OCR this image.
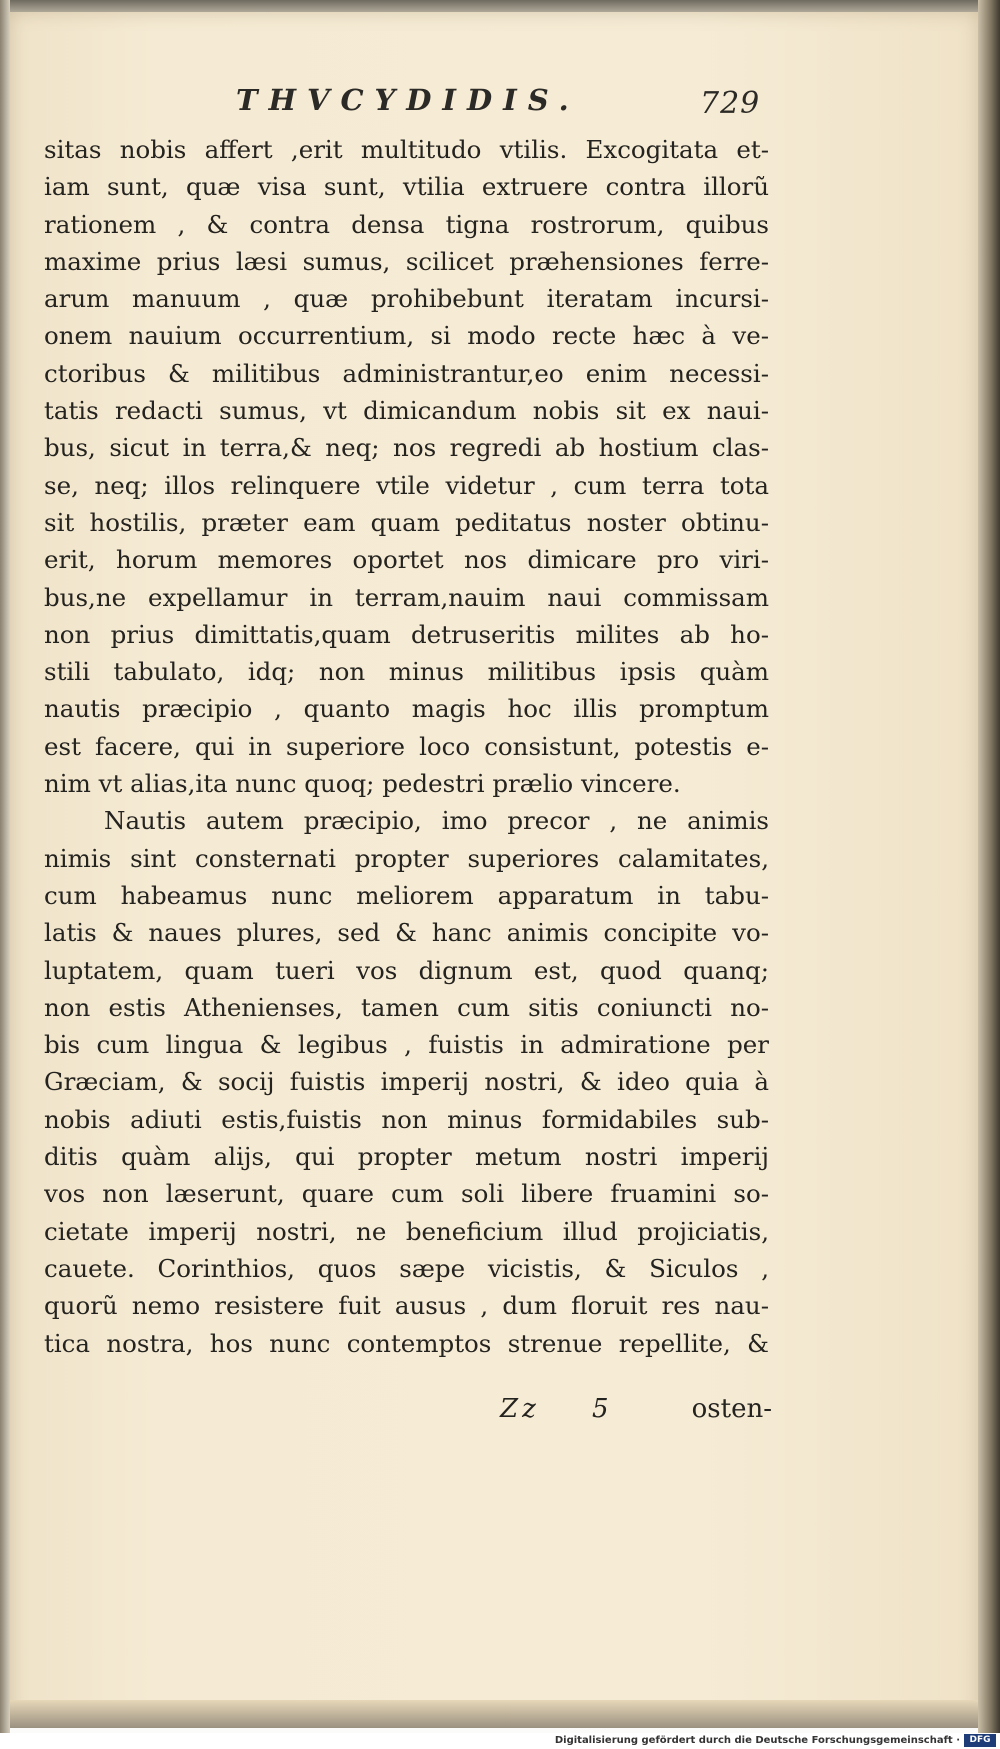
THVCYDIDIS.	729
sitas nobis affert ,erit multitudo vtilis. Excogitata et-
iam sunt, quæ visa sunt, vtilia extruere contra illorũ
rationem , & contra densa tigna rostrorum, quibus
maxime prius læsi sumus, scilicet præhensiones ferre-
arum manuum , quæ prohibebunt iteratam incursi-
onem nauium occurrentium, si modo recte hæc à ve-
ctoribus & militibus administrantur,eo enim necessi-
tatis redacti sumus, vt dimicandum nobis sit ex naui-
bus, sicut in terra,& neq; nos regredi ab hostium clas-
se, neq; illos relinquere vtile videtur , cum terra tota
sit hostilis, præter eam quam peditatus noster obtinu-
erit, horum memores oportet nos dimicare pro viri-
bus,ne expellamur in terram,nauim naui commissam
non prius dimittatis,quam detruseritis milites ab ho-
stili tabulato, idq; non minus militibus ipsis quàm
nautis præcipio , quanto magis hoc illis promptum
est facere, qui in superiore loco consistunt, potestis e-
nim vt alias,ita nunc quoq; pedestri prælio vincere.
Nautis autem præcipio, imo precor , ne animis
nimis sint consternati propter superiores calamitates,
cum habeamus nunc meliorem apparatum in tabu-
latis & naues plures, sed & hanc animis concipite vo-
luptatem, quam tueri vos dignum est, quod quanq;
non estis Athenienses, tamen cum sitis coniuncti no-
bis cum lingua & legibus , fuistis in admiratione per
Græciam, & socij fuistis imperij nostri, & ideo quia à
nobis adiuti estis,fuistis non minus formidabiles sub-
ditis quàm alijs, qui propter metum nostri imperij
vos non læserunt, quare cum soli libere fruamini so-
cietate imperij nostri, ne beneficium illud projiciatis,
cauete. Corinthios, quos sæpe vicistis, & Siculos ,
quorũ nemo resistere fuit ausus , dum floruit res nau-
tica nostra, hos nunc contemptos strenue repellite, &
Zz 5	osten-
Digitalisierung gefördert durch die Deutsche Forschungsgemeinschaft ·	DFG
